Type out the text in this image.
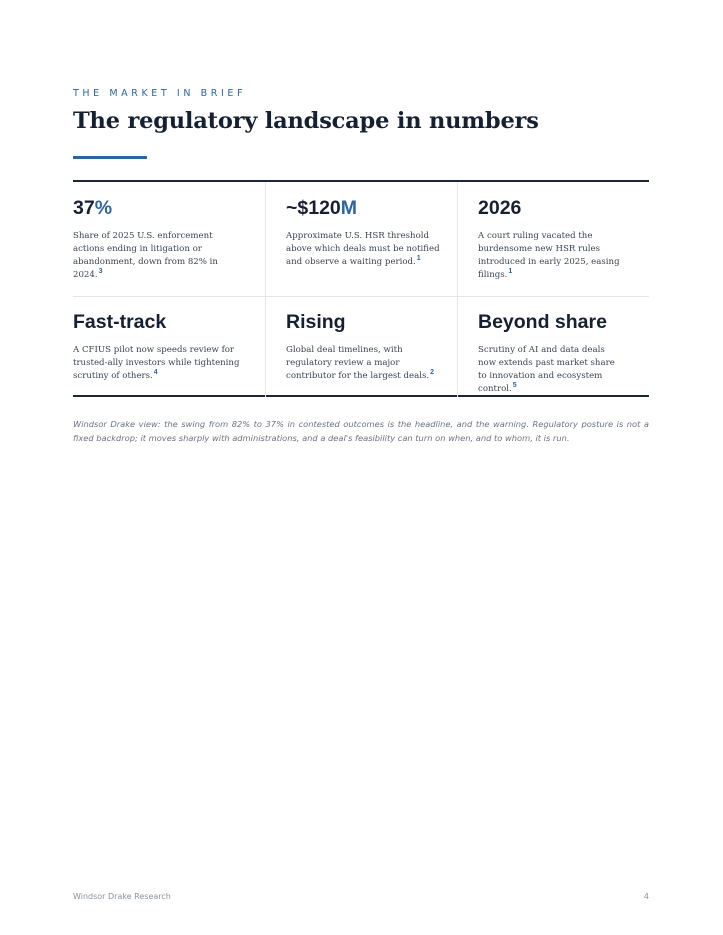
THE MARKET IN BRIEF
The regulatory landscape in numbers

37%

Share of 2025 U.S. enforcement actions ending in litigation or abandonment, down from 82% in 2024.$^3$

~$120M

Approximate U.S. HSR threshold above which deals must be notified and observe a waiting period.$^1$

2026

A court ruling vacated the burdensome new HSR rules introduced in early 2025, easing filings.$^1$

Fast-track

A CFIUS pilot now speeds review for trusted-ally investors while tightening scrutiny of others.$^4$

Rising

Global deal timelines, with regulatory review a major contributor for the largest deals.$^2$

Beyond share

Scrutiny of AI and data deals now extends past market share to innovation and ecosystem control.$^5$

Windsor Drake view: the swing from 82% to 37% in contested outcomes is the headline, and the warning. Regulatory posture is not a fixed backdrop; it moves sharply with administrations, and a deal's feasibility can turn on when, and to whom, it is run.

Windsor Drake Research	4
